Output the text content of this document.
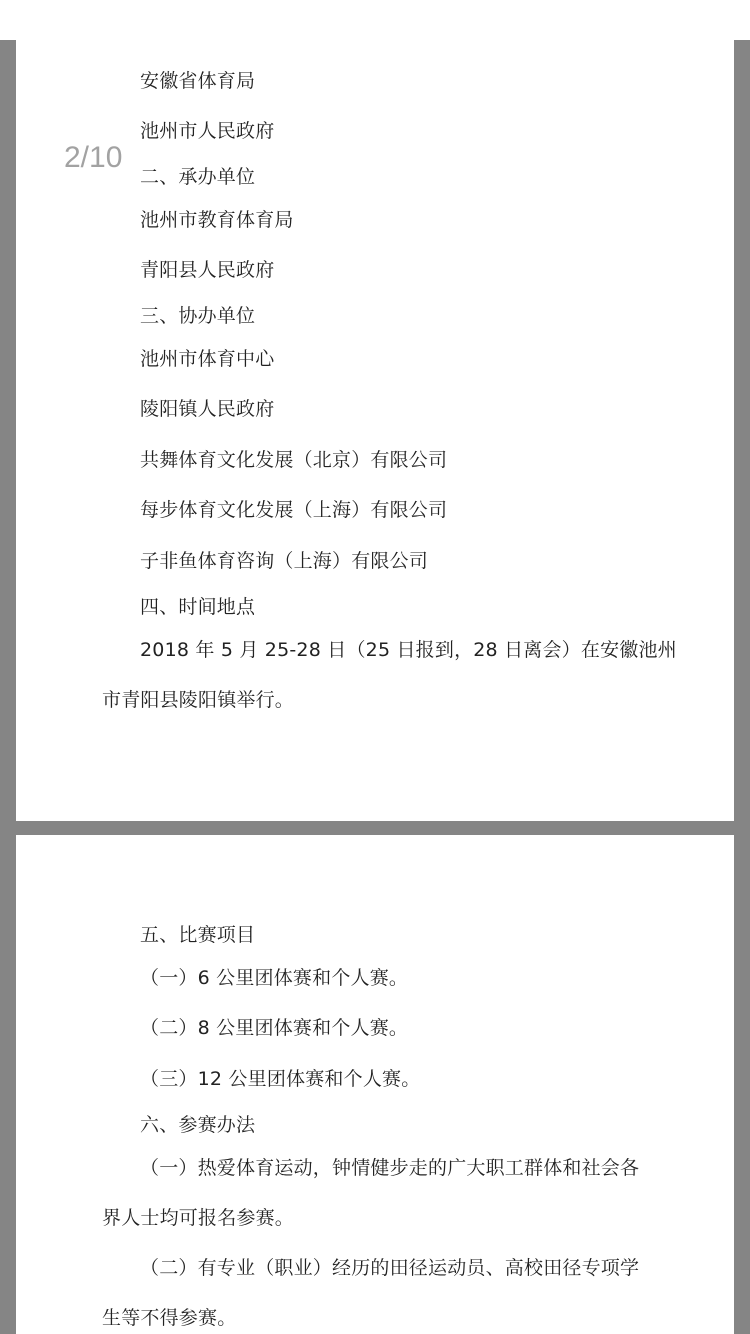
安徽省体育局

池州市人民政府

二、承办单位

池州市教育体育局

青阳县人民政府

三、协办单位

池州市体育中心

陵阳镇人民政府

共舞体育文化发展（北京）有限公司

每步体育文化发展（上海）有限公司

子非鱼体育咨询（上海）有限公司

四、时间地点

2018 年 5 月 25-28 日（25 日报到，28 日离会）在安徽池州

市青阳县陵阳镇举行。

五、比赛项目

（一）6 公里团体赛和个人赛。

（二）8 公里团体赛和个人赛。

（三）12 公里团体赛和个人赛。

六、参赛办法

（一）热爱体育运动，钟情健步走的广大职工群体和社会各

界人士均可报名参赛。

（二）有专业（职业）经历的田径运动员、高校田径专项学

生等不得参赛。

2/10
